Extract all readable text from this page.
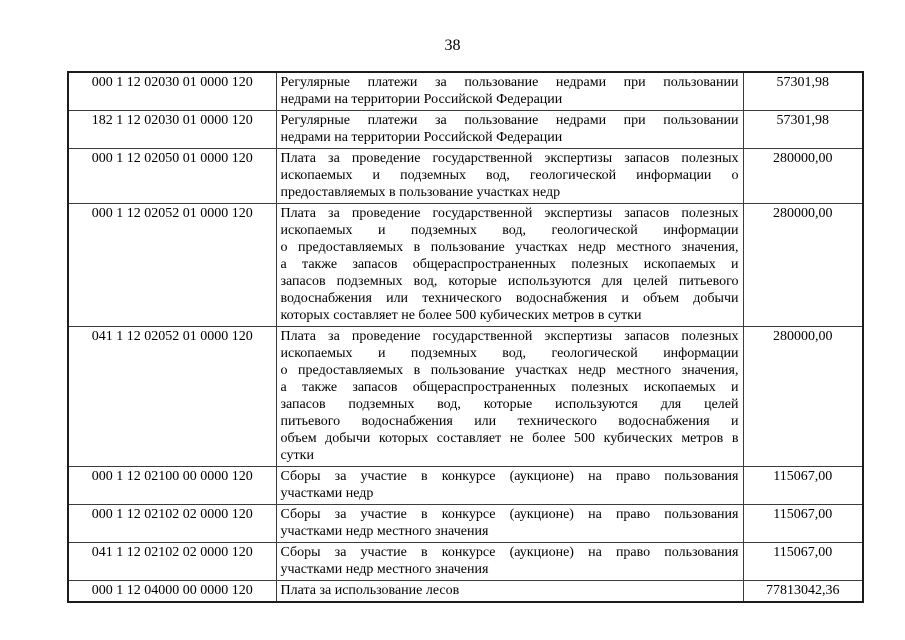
38
000 1 12 02030 01 0000 120	Регулярные платежи за пользование недрами при пользовании
недрами на территории Российской Федерации	57301,98
182 1 12 02030 01 0000 120	Регулярные платежи за пользование недрами при пользовании
недрами на территории Российской Федерации	57301,98
000 1 12 02050 01 0000 120	Плата за проведение государственной экспертизы запасов полезных
ископаемых и подземных вод, геологической информации о
предоставляемых в пользование участках недр	280000,00
000 1 12 02052 01 0000 120	Плата за проведение государственной экспертизы запасов полезных
ископаемых и подземных вод, геологической информации
о предоставляемых в пользование участках недр местного значения,
а также запасов общераспространенных полезных ископаемых и
запасов подземных вод, которые используются для целей питьевого
водоснабжения или технического водоснабжения и объем добычи
которых составляет не более 500 кубических метров в сутки
	280000,00
041 1 12 02052 01 0000 120	Плата за проведение государственной экспертизы запасов полезных
ископаемых и подземных вод, геологической информации
о предоставляемых в пользование участках недр местного значения,
а также запасов общераспространенных полезных ископаемых и
запасов подземных вод, которые используются для целей
питьевого водоснабжения или технического водоснабжения и
объем добычи которых составляет не более 500 кубических метров в
сутки
	280000,00
000 1 12 02100 00 0000 120	Сборы за участие в конкурсе (аукционе) на право пользования
участками недр	115067,00
000 1 12 02102 02 0000 120	Сборы за участие в конкурсе (аукционе) на право пользования
участками недр местного значения	115067,00
041 1 12 02102 02 0000 120	Сборы за участие в конкурсе (аукционе) на право пользования
участками недр местного значения	115067,00
000 1 12 04000 00 0000 120	Плата за использование лесов	77813042,36
